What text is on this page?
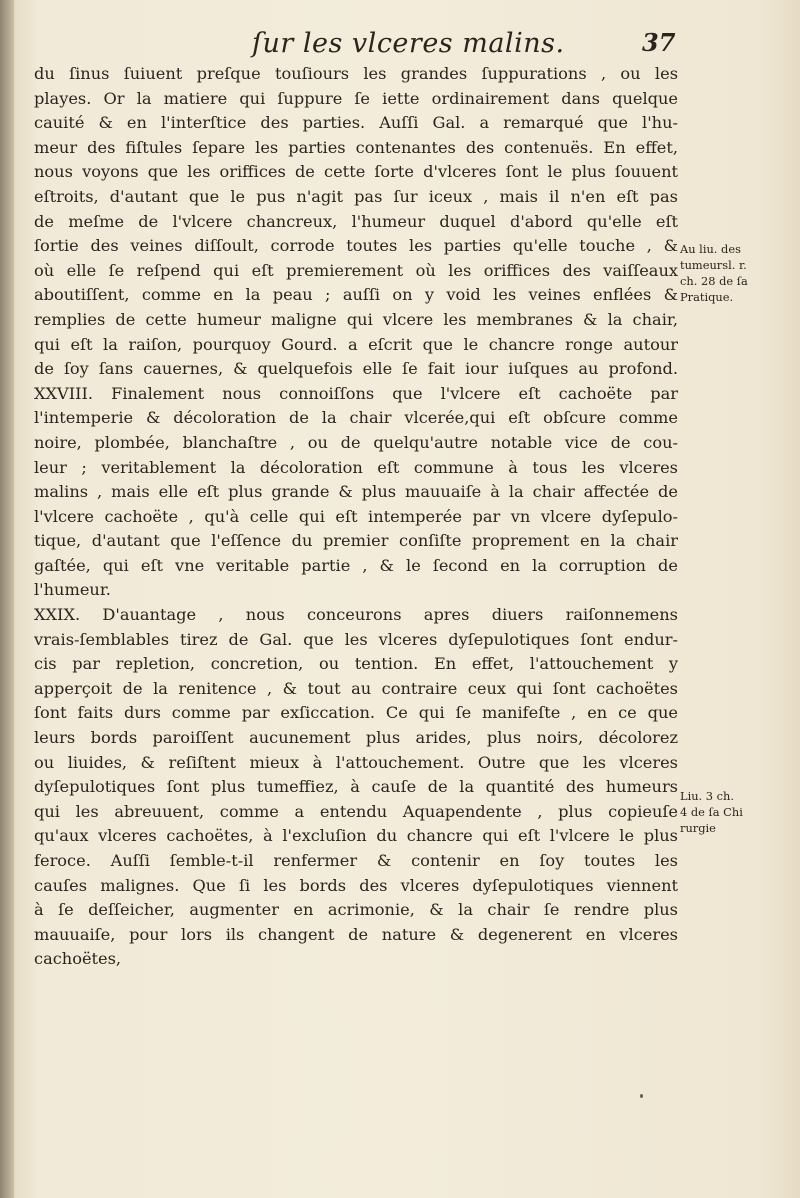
ſur les vlceres malins.	37
du ſinus ſuiuent preſque touſiours les grandes ſuppurations , ou les
playes. Or la matiere qui ſuppure ſe iette ordinairement dans quelque
cauité & en l'interſtice des parties. Auſſi Gal. a remarqué que l'hu-
meur des fiſtules ſepare les parties contenantes des contenuës. En effet,
nous voyons que les oriffices de cette ſorte d'vlceres ſont le plus ſouuent
eſtroits, d'autant que le pus n'agit pas ſur iceux , mais il n'en eſt pas
de meſme de l'vlcere chancreux, l'humeur duquel d'abord qu'elle eſt
ſortie des veines diſſoult, corrode toutes les parties qu'elle touche , &
où elle ſe reſpend qui eſt premierement où les oriffices des vaiſſeaux
aboutiſſent, comme en la peau ; auſſi on y void les veines enflées &
remplies de cette humeur maligne qui vlcere les membranes & la chair,
qui eſt la raiſon, pourquoy Gourd. a eſcrit que le chancre ronge autour
de ſoy ſans cauernes, & quelquefois elle ſe fait iour iuſques au profond.
XXVIII. Finalement nous connoiſſons que l'vlcere eſt cachoëte par
l'intemperie & décoloration de la chair vlcerée,qui eſt obſcure comme
noire, plombée, blanchaſtre , ou de quelqu'autre notable vice de cou-
leur ; veritablement la décoloration eſt commune à tous les vlceres
malins , mais elle eſt plus grande & plus mauuaiſe à la chair affectée de
l'vlcere cachoëte , qu'à celle qui eſt intemperée par vn vlcere dyſepulo-
tique, d'autant que l'eſſence du premier conſiſte proprement en la chair
gaſtée, qui eſt vne veritable partie , & le ſecond en la corruption de
l'humeur.
XXIX. D'auantage , nous conceurons apres diuers raiſonnemens
vrais-ſemblables tirez de Gal. que les vlceres dyſepulotiques ſont endur-
cis par repletion, concretion, ou tention. En effet, l'attouchement y
apperçoit de la renitence , & tout au contraire ceux qui ſont cachoëtes
ſont faits durs comme par exſiccation. Ce qui ſe manifeſte , en ce que
leurs bords paroiſſent aucunement plus arides, plus noirs, décolorez
ou liuides, & reſiſtent mieux à l'attouchement. Outre que les vlceres
dyſepulotiques ſont plus tumeffiez, à cauſe de la quantité des humeurs
qui les abreuuent, comme a entendu Aquapendente , plus copieuſe
qu'aux vlceres cachoëtes, à l'excluſion du chancre qui eſt l'vlcere le plus
feroce. Auſſi ſemble-t-il renfermer & contenir en ſoy toutes les
cauſes malignes. Que ſi les bords des vlceres dyſepulotiques viennent
à ſe deſſeicher, augmenter en acrimonie, & la chair ſe rendre plus
mauuaiſe, pour lors ils changent de nature & degenerent en vlceres
cachoëtes,
Au liu. des
tumeursl. r.
ch. 28 de ſa
Pratique.
Liu. 3 ch.
4 de ſa Chi
rurgie
